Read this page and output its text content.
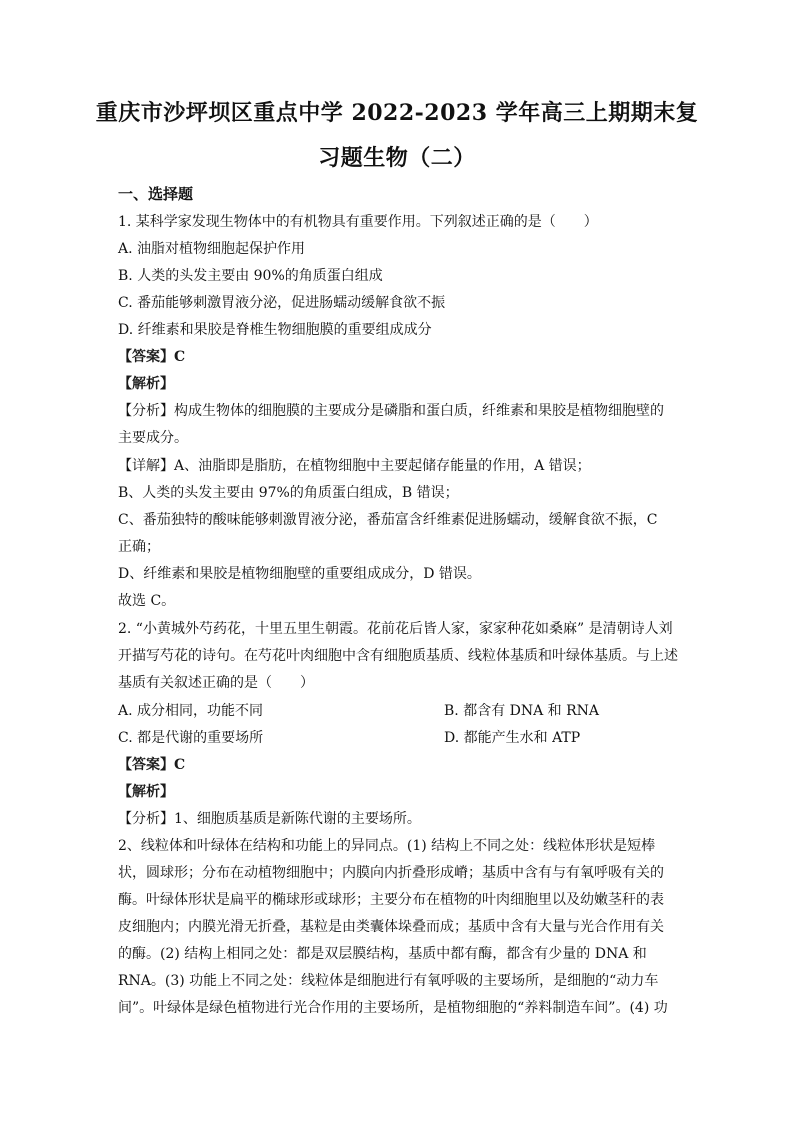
重庆市沙坪坝区重点中学 2022-2023 学年高三上期期末复
习题生物（二）
一、选择题
1. 某科学家发现生物体中的有机物具有重要作用。下列叙述正确的是（　　）
A. 油脂对植物细胞起保护作用
B. 人类的头发主要由 90%的角质蛋白组成
C. 番茄能够刺激胃液分泌，促进肠蠕动缓解食欲不振
D. 纤维素和果胶是脊椎生物细胞膜的重要组成成分
【答案】C
【解析】
【分析】构成生物体的细胞膜的主要成分是磷脂和蛋白质，纤维素和果胶是植物细胞壁的
主要成分。
【详解】A、油脂即是脂肪，在植物细胞中主要起储存能量的作用，A 错误；
B、人类的头发主要由 97%的角质蛋白组成，B 错误；
C、番茄独特的酸味能够刺激胃液分泌，番茄富含纤维素促进肠蠕动，缓解食欲不振，C
正确；
D、纤维素和果胶是植物细胞壁的重要组成成分，D 错误。
故选 C。
2. “小黄城外芍药花，十里五里生朝霞。花前花后皆人家，家家种花如桑麻” 是清朝诗人刘
开描写芍花的诗句。在芍花叶肉细胞中含有细胞质基质、线粒体基质和叶绿体基质。与上述
基质有关叙述正确的是（　　）
A. 成分相同，功能不同	B. 都含有 DNA 和 RNA
C. 都是代谢的重要场所	D. 都能产生水和 ATP
【答案】C
【解析】
【分析】1、细胞质基质是新陈代谢的主要场所。
2、线粒体和叶绿体在结构和功能上的异同点。(1) 结构上不同之处：线粒体形状是短棒
状，圆球形；分布在动植物细胞中；内膜向内折叠形成嵴；基质中含有与有氧呼吸有关的
酶。叶绿体形状是扁平的椭球形或球形；主要分布在植物的叶肉细胞里以及幼嫩茎秆的表
皮细胞内；内膜光滑无折叠，基粒是由类囊体垛叠而成；基质中含有大量与光合作用有关
的酶。(2) 结构上相同之处：都是双层膜结构，基质中都有酶，都含有少量的 DNA 和
RNA。(3) 功能上不同之处：线粒体是细胞进行有氧呼吸的主要场所，是细胞的“动力车
间”。叶绿体是绿色植物进行光合作用的主要场所，是植物细胞的“养料制造车间”。(4) 功
